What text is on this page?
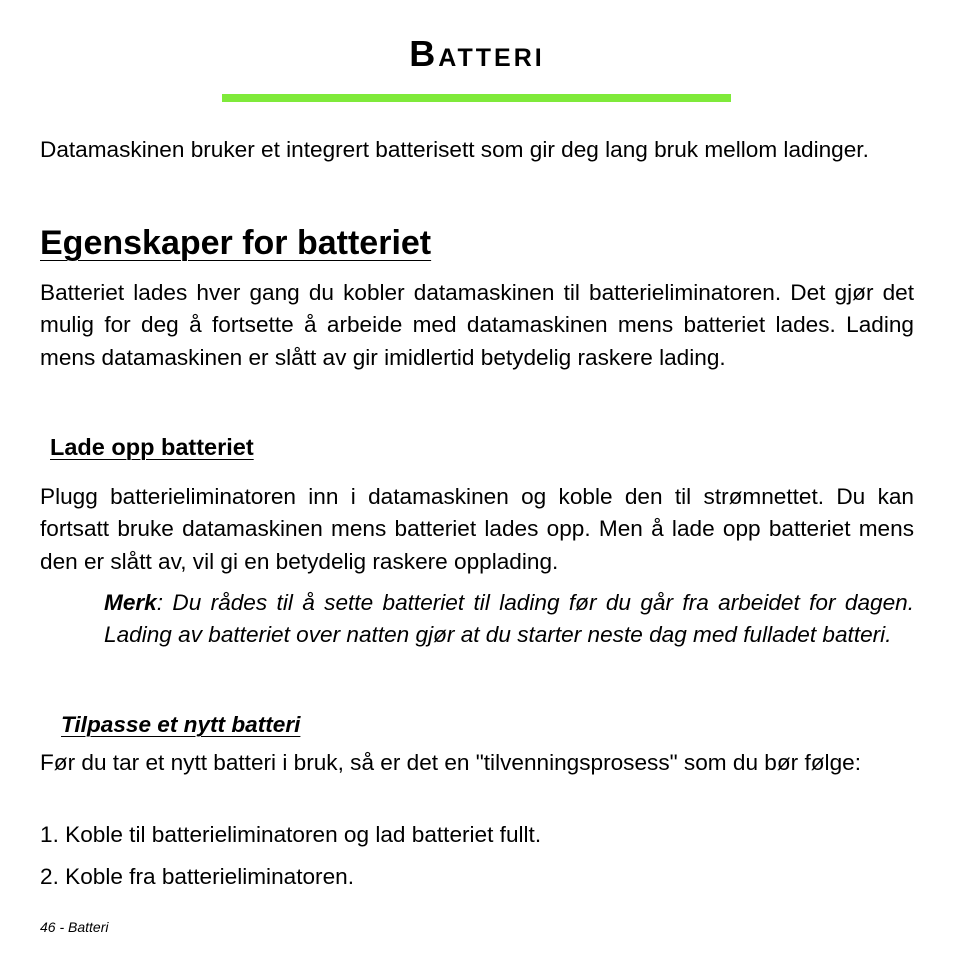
Batteri

Datamaskinen bruker et integrert batterisett som gir deg lang bruk mellom ladinger.

Egenskaper for batteriet

Batteriet lades hver gang du kobler datamaskinen til batterieliminatoren. Det gjør det mulig for deg å fortsette å arbeide med datamaskinen mens batteriet lades. Lading mens datamaskinen er slått av gir imidlertid betydelig raskere lading.

Lade opp batteriet

Plugg batterieliminatoren inn i datamaskinen og koble den til strømnettet. Du kan fortsatt bruke datamaskinen mens batteriet lades opp. Men å lade opp batteriet mens den er slått av, vil gi en betydelig raskere opplading.

Merk: Du rådes til å sette batteriet til lading før du går fra arbeidet for dagen. Lading av batteriet over natten gjør at du starter neste dag med fulladet batteri.

Tilpasse et nytt batteri

Før du tar et nytt batteri i bruk, så er det en "tilvenningsprosess" som du bør følge:

1. Koble til batterieliminatoren og lad batteriet fullt.

2. Koble fra batterieliminatoren.

46 - Batteri
